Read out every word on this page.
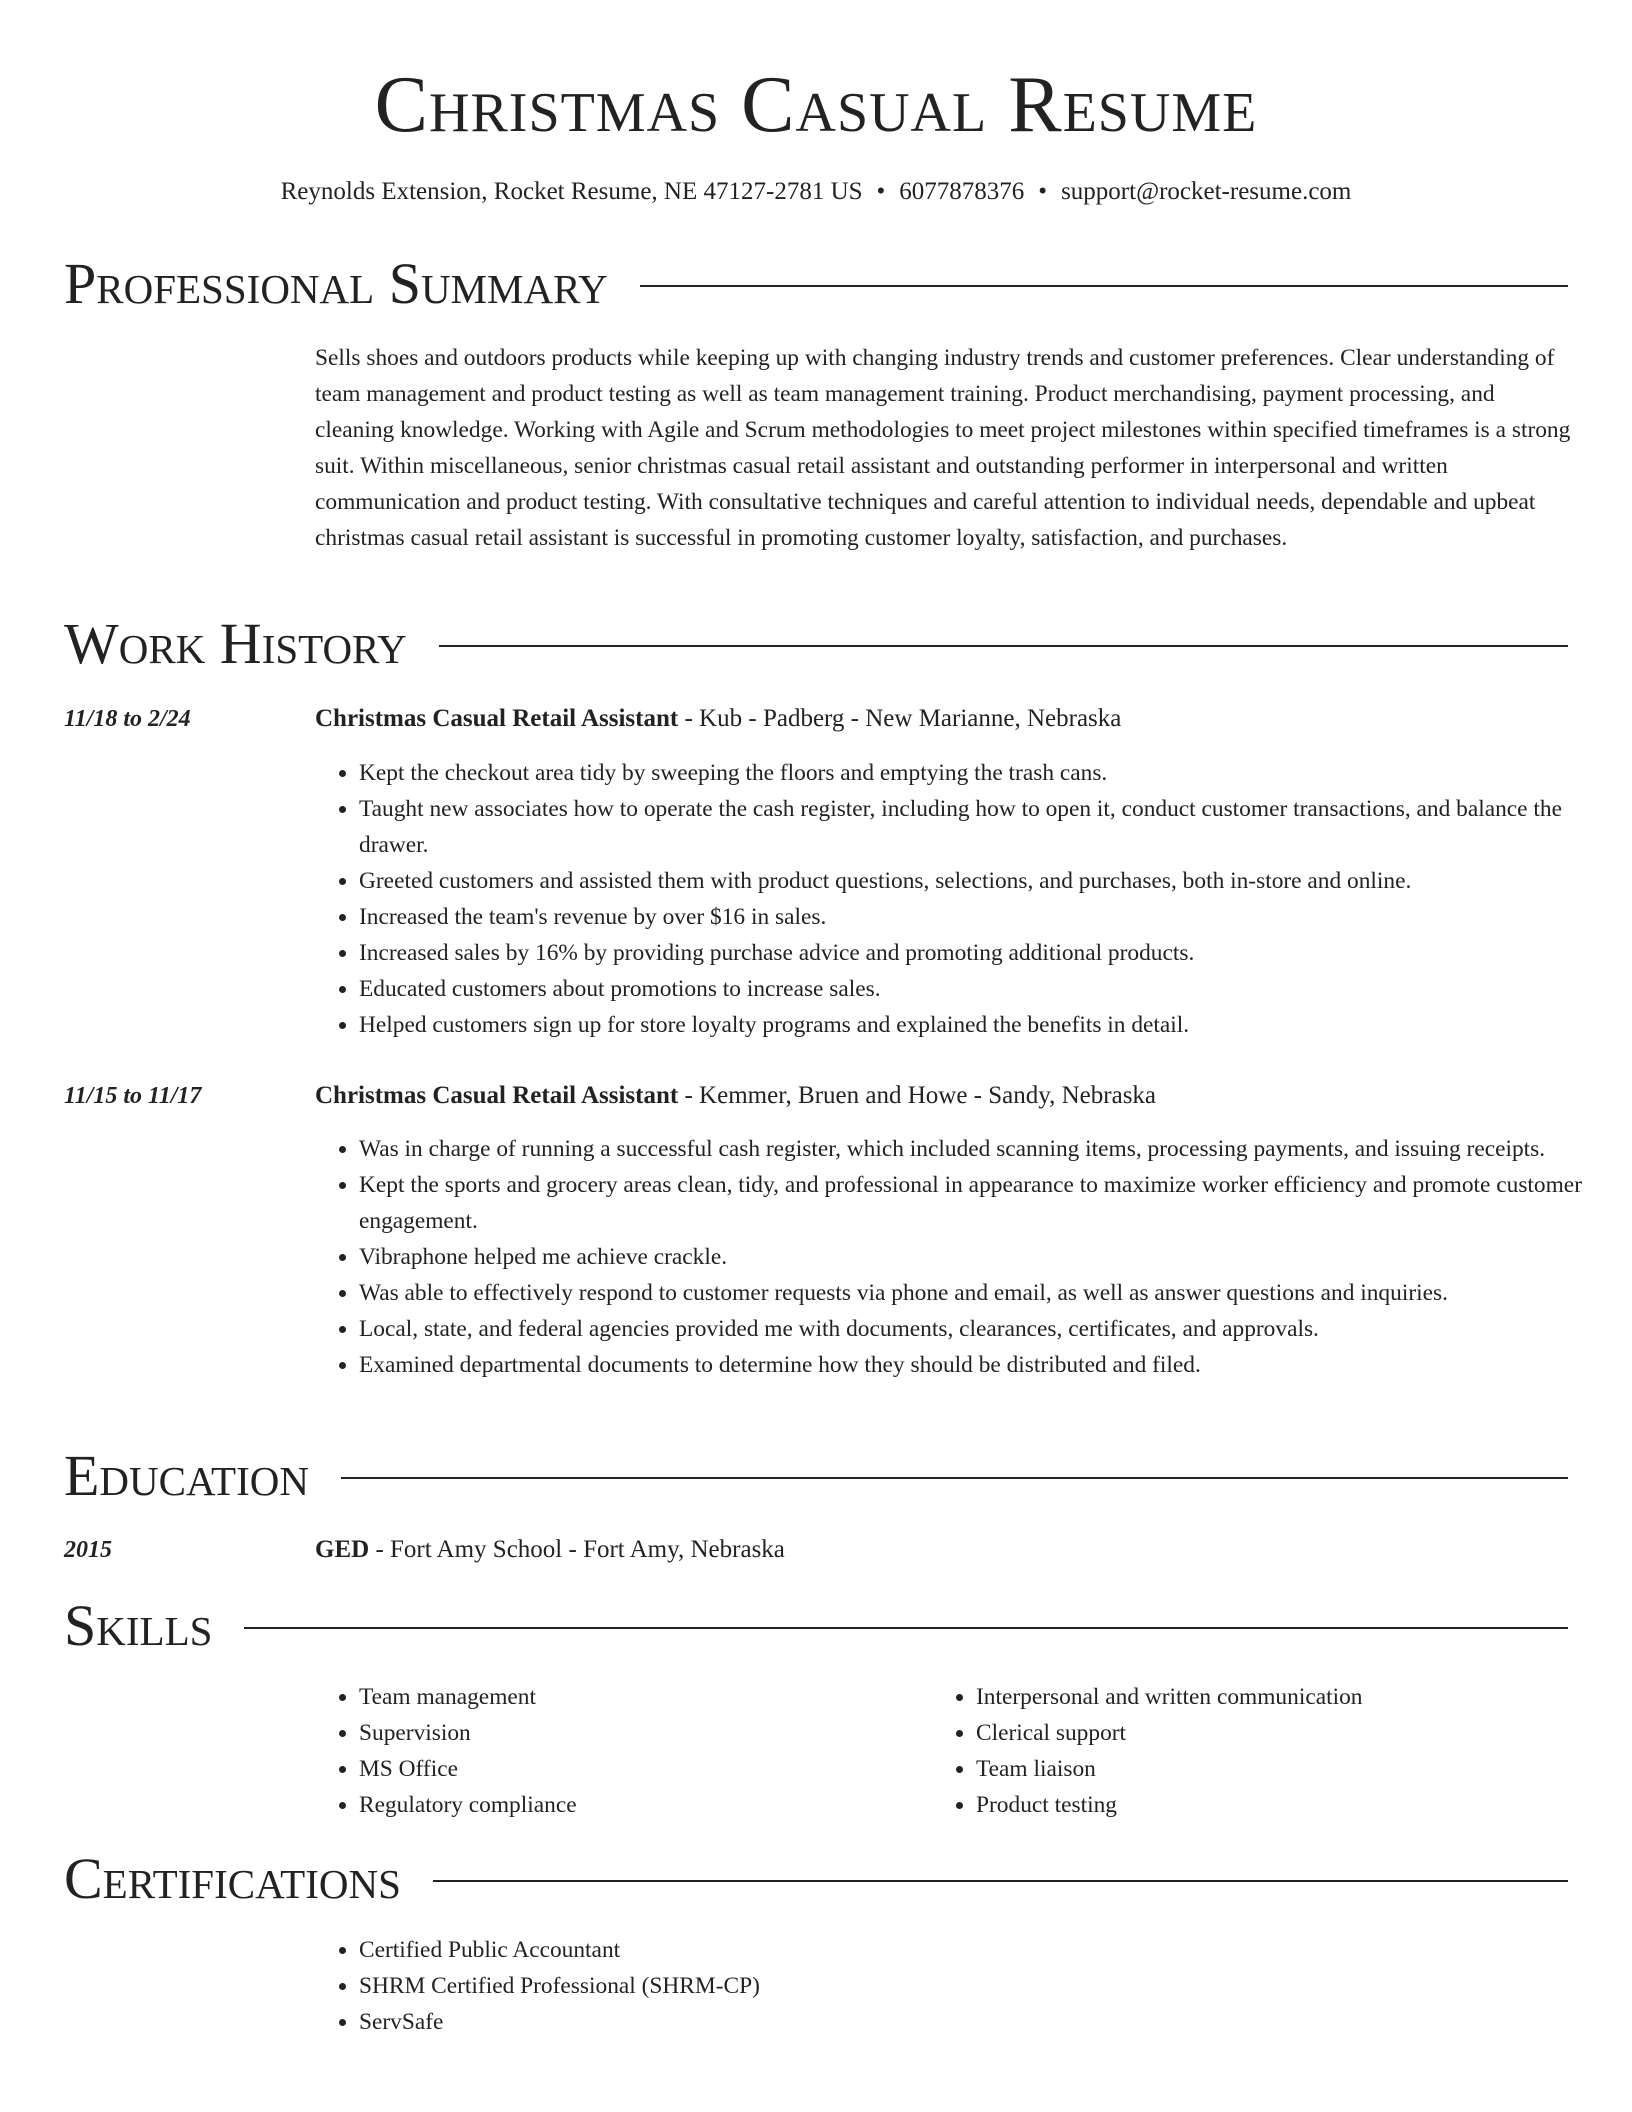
Christmas Casual Resume
Reynolds Extension, Rocket Resume, NE 47127-2781 US • 6077878376 • support@rocket-resume.com
Professional Summary

Sells shoes and outdoors products while keeping up with changing industry trends and customer preferences. Clear understanding of team management and product testing as well as team management training. Product merchandising, payment processing, and cleaning knowledge. Working with Agile and Scrum methodologies to meet project milestones within specified timeframes is a strong suit. Within miscellaneous, senior christmas casual retail assistant and outstanding performer in interpersonal and written communication and product testing. With consultative techniques and careful attention to individual needs, dependable and upbeat christmas casual retail assistant is successful in promoting customer loyalty, satisfaction, and purchases.

Work History
11/18 to 2/24	Christmas Casual Retail Assistant - Kub - Padberg - New Marianne, Nebraska
• Kept the checkout area tidy by sweeping the floors and emptying the trash cans.
• Taught new associates how to operate the cash register, including how to open it, conduct customer transactions, and balance the drawer.
• Greeted customers and assisted them with product questions, selections, and purchases, both in-store and online.
• Increased the team's revenue by over $16 in sales.
• Increased sales by 16% by providing purchase advice and promoting additional products.
• Educated customers about promotions to increase sales.
• Helped customers sign up for store loyalty programs and explained the benefits in detail.
11/15 to 11/17	Christmas Casual Retail Assistant - Kemmer, Bruen and Howe - Sandy, Nebraska
• Was in charge of running a successful cash register, which included scanning items, processing payments, and issuing receipts.
• Kept the sports and grocery areas clean, tidy, and professional in appearance to maximize worker efficiency and promote customer engagement.
• Vibraphone helped me achieve crackle.
• Was able to effectively respond to customer requests via phone and email, as well as answer questions and inquiries.
• Local, state, and federal agencies provided me with documents, clearances, certificates, and approvals.
• Examined departmental documents to determine how they should be distributed and filed.
Education
2015	GED - Fort Amy School - Fort Amy, Nebraska
Skills
• Team management
• Supervision
• MS Office
• Regulatory compliance
• Interpersonal and written communication
• Clerical support
• Team liaison
• Product testing
Certifications
• Certified Public Accountant
• SHRM Certified Professional (SHRM-CP)
• ServSafe
